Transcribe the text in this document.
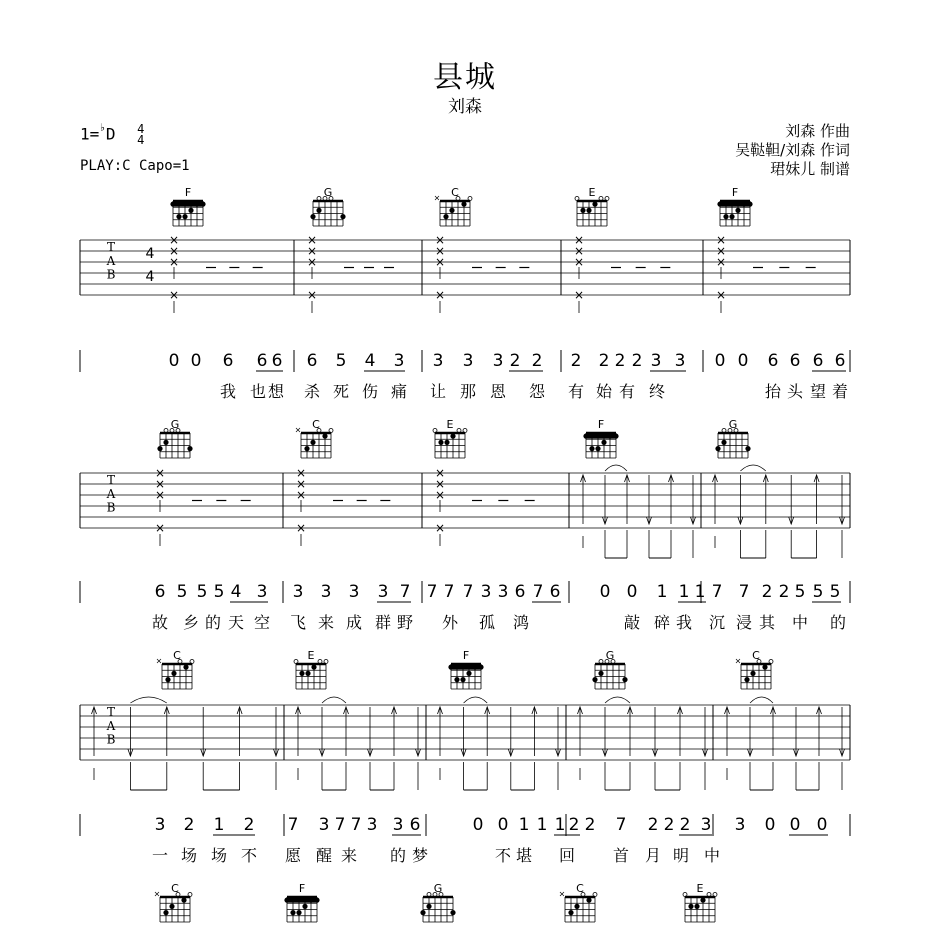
县城
刘森
1=♭D 4
4
PLAY:C Capo=1
刘森 作曲
吴鞑靼/刘森 作词
珺妹儿 制谱
F	G	C
×	E	F
T
A
B
4
4
×
×
×
×
×
×
×
×
×
×
×
×
×
×
×
×
×
×
×
×
0 0 6 6 6 6 5 4 3 3 3 3 2 2 2 2 2 2 3 3 0 0 6 6 6 6
G	C
×	E	F	G
T
A
B
×
×
×
×
×
×
×
×
×
×
×
×
6 5 5 5 4 3 3 3 3 3 7 7 7 7 3 3 6 7 6 0 0 1 1 1 7 7 2 2 5 5 5
C
×	E	F	G	C
×
T
A
B
3 2 1 2 7 3 7 7 3 3 6	0 0 1 1 1 2 2 7 2 2 2 3 3 0 0 0
C
×	F	G	C
×	E
我 也 想 杀 死 伤 痛 让 那 恩 怨 有 始 有 终	抬 头 望 着
故 乡 的 天 空 飞 来 成 群 野 外 孤 鸿	敲 碎 我 沉 浸 其 中 的
一 场 场 不 愿 醒 来 的 梦	不 堪 回 首 月 明 中
